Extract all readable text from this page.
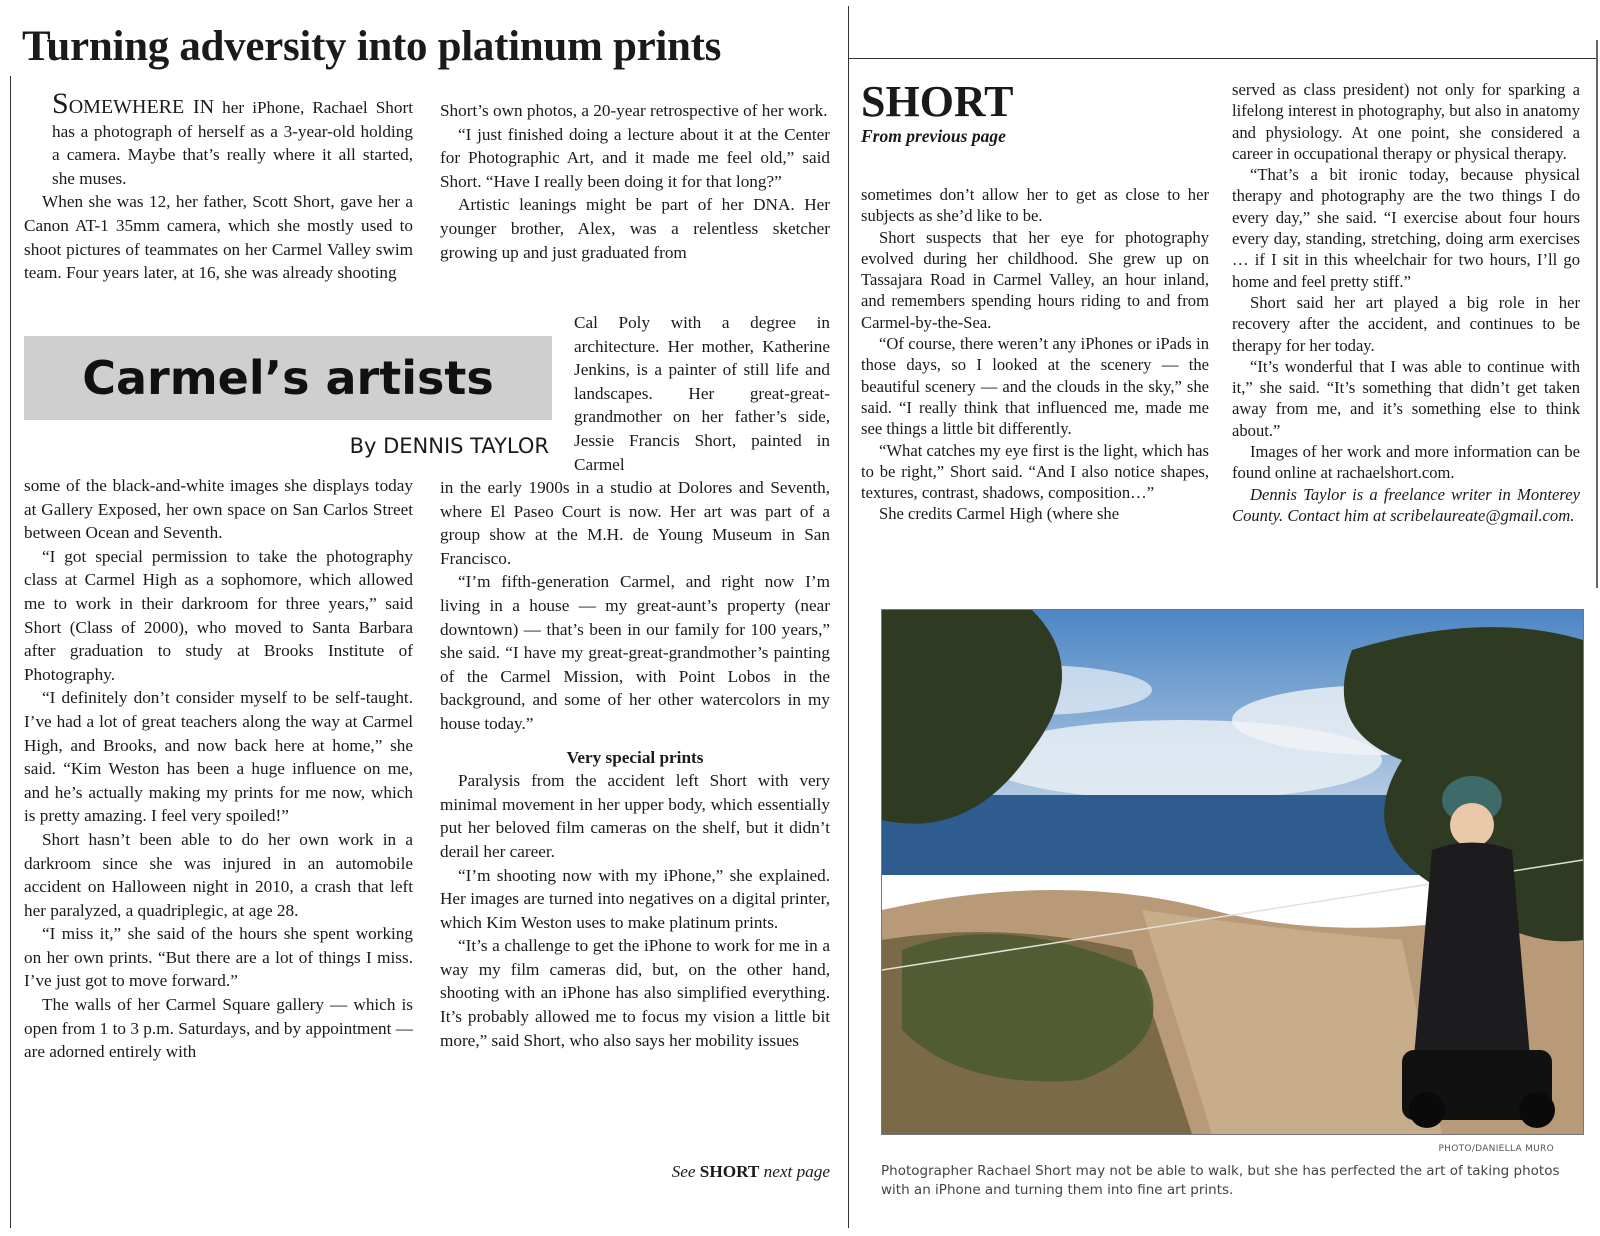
Turning adversity into platinum prints

SOMEWHERE IN her iPhone, Rachael Short has a photograph of herself as a 3-year-old holding a camera. Maybe that’s really where it all started, she muses.

When she was 12, her father, Scott Short, gave her a Canon AT-1 35mm camera, which she mostly used to shoot pictures of teammates on her Carmel Valley swim team. Four years later, at 16, she was already shooting

Carmel’s artists
By DENNIS TAYLOR

some of the black-and-white images she displays today at Gallery Exposed, her own space on San Carlos Street between Ocean and Seventh.

“I got special permission to take the photography class at Carmel High as a sophomore, which allowed me to work in their darkroom for three years,” said Short (Class of 2000), who moved to Santa Barbara after graduation to study at Brooks Institute of Photography.

“I definitely don’t consider myself to be self-taught. I’ve had a lot of great teachers along the way at Carmel High, and Brooks, and now back here at home,” she said. “Kim Weston has been a huge influence on me, and he’s actually making my prints for me now, which is pretty amazing. I feel very spoiled!”

Short hasn’t been able to do her own work in a darkroom since she was injured in an automobile accident on Halloween night in 2010, a crash that left her paralyzed, a quadriplegic, at age 28.

“I miss it,” she said of the hours she spent working on her own prints. “But there are a lot of things I miss. I’ve just got to move forward.”

The walls of her Carmel Square gallery — which is open from 1 to 3 p.m. Saturdays, and by appointment — are adorned entirely with

Short’s own photos, a 20-year retrospective of her work.

“I just finished doing a lecture about it at the Center for Photographic Art, and it made me feel old,” said Short. “Have I really been doing it for that long?”

Artistic leanings might be part of her DNA. Her younger brother, Alex, was a relentless sketcher growing up and just graduated from

Cal Poly with a degree in architecture. Her mother, Katherine Jenkins, is a painter of still life and landscapes. Her great-great-grandmother on her father’s side, Jessie Francis Short, painted in Carmel

in the early 1900s in a studio at Dolores and Seventh, where El Paseo Court is now. Her art was part of a group show at the M.H. de Young Museum in San Francisco.

“I’m fifth-generation Carmel, and right now I’m living in a house — my great-aunt’s property (near downtown) — that’s been in our family for 100 years,” she said. “I have my great-great-grandmother’s painting of the Carmel Mission, with Point Lobos in the background, and some of her other watercolors in my house today.”

Very special prints

Paralysis from the accident left Short with very minimal movement in her upper body, which essentially put her beloved film cameras on the shelf, but it didn’t derail her career.

“I’m shooting now with my iPhone,” she explained. Her images are turned into negatives on a digital printer, which Kim Weston uses to make platinum prints.

“It’s a challenge to get the iPhone to work for me in a way my film cameras did, but, on the other hand, shooting with an iPhone has also simplified everything. It’s probably allowed me to focus my vision a little bit more,” said Short, who also says her mobility issues

See SHORT next page
SHORT
From previous page

sometimes don’t allow her to get as close to her subjects as she’d like to be.

Short suspects that her eye for photography evolved during her childhood. She grew up on Tassajara Road in Carmel Valley, an hour inland, and remembers spending hours riding to and from Carmel-by-the-Sea.

“Of course, there weren’t any iPhones or iPads in those days, so I looked at the scenery — the beautiful scenery — and the clouds in the sky,” she said. “I really think that influenced me, made me see things a little bit differently.

“What catches my eye first is the light, which has to be right,” Short said. “And I also notice shapes, textures, contrast, shadows, composition…”

She credits Carmel High (where she

served as class president) not only for sparking a lifelong interest in photography, but also in anatomy and physiology. At one point, she considered a career in occupational therapy or physical therapy.

“That’s a bit ironic today, because physical therapy and photography are the two things I do every day,” she said. “I exercise about four hours every day, standing, stretching, doing arm exercises … if I sit in this wheelchair for two hours, I’ll go home and feel pretty stiff.”

Short said her art played a big role in her recovery after the accident, and continues to be therapy for her today.

“It’s wonderful that I was able to continue with it,” she said. “It’s something that didn’t get taken away from me, and it’s something else to think about.”

Images of her work and more information can be found online at rachaelshort.com.

Dennis Taylor is a freelance writer in Monterey County. Contact him at scribelaureate@gmail.com.

PHOTO/DANIELLA MURO
Photographer Rachael Short may not be able to walk, but she has perfected the art of taking photos with an iPhone and turning them into fine art prints.
